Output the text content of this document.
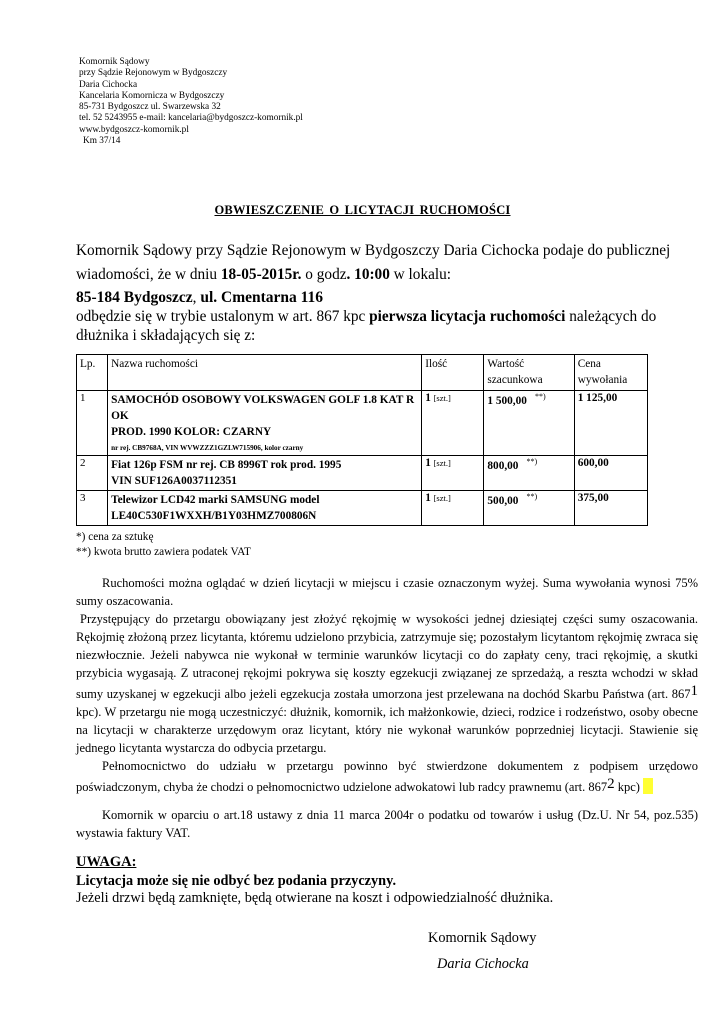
Komornik Sądowy
przy Sądzie Rejonowym w Bydgoszczy
Daria Cichocka
Kancelaria Komornicza w Bydgoszczy
85-731 Bydgoszcz ul. Swarzewska 32
tel. 52 5243955 e-mail: kancelaria@bydgoszcz-komornik.pl
www.bydgoszcz-komornik.pl
Km 37/14
OBWIESZCZENIE O LICYTACJI RUCHOMOŚCI
Komornik Sądowy przy Sądzie Rejonowym w Bydgoszczy Daria Cichocka podaje do publicznej wiadomości, że w dniu 18-05-2015r. o godz. 10:00 w lokalu:
85-184 Bydgoszcz, ul. Cmentarna 116
odbędzie się w trybie ustalonym w art. 867 kpc pierwsza licytacja ruchomości należących do dłużnika i składających się z:
Lp.	Nazwa ruchomości	Ilość	Wartość szacunkowa	Cena wywołania
1	SAMOCHÓD OSOBOWY VOLKSWAGEN GOLF 1.8 KAT R OK
PROD. 1990 KOLOR: CZARNY
nr rej. CB9768A, VIN WVWZZZ1GZLW715906, kolor czarny	1 [szt.]	1 500,00 **)	1 125,00
2	Fiat 126p FSM nr rej. CB 8996T rok prod. 1995
VIN SUF126A0037112351	1 [szt.]	800,00 **)	600,00
3	Telewizor LCD42 marki SAMSUNG model
LE40C530F1WXXH/B1Y03HMZ700806N	1 [szt.]	500,00 **)	375,00
*) cena za sztukę
**) kwota brutto zawiera podatek VAT
Ruchomości można oglądać w dzień licytacji w miejscu i czasie oznaczonym wyżej. Suma wywołania wynosi 75% sumy oszacowania.
Przystępujący do przetargu obowiązany jest złożyć rękojmię w wysokości jednej dziesiątej części sumy oszacowania. Rękojmię złożoną przez licytanta, któremu udzielono przybicia, zatrzymuje się; pozostałym licytantom rękojmię zwraca się niezwłocznie. Jeżeli nabywca nie wykonał w terminie warunków licytacji co do zapłaty ceny, traci rękojmię, a skutki przybicia wygasają. Z utraconej rękojmi pokrywa się koszty egzekucji związanej ze sprzedażą, a reszta wchodzi w skład sumy uzyskanej w egzekucji albo jeżeli egzekucja została umorzona jest przelewana na dochód Skarbu Państwa (art. 8671 kpc). W przetargu nie mogą uczestniczyć: dłużnik, komornik, ich małżonkowie, dzieci, rodzice i rodzeństwo, osoby obecne na licytacji w charakterze urzędowym oraz licytant, który nie wykonał warunków poprzedniej licytacji. Stawienie się jednego licytanta wystarcza do odbycia przetargu.
Pełnomocnictwo do udziału w przetargu powinno być stwierdzone dokumentem z podpisem urzędowo poświadczonym, chyba że chodzi o pełnomocnictwo udzielone adwokatowi lub radcy prawnemu (art. 8672 kpc)
Komornik w oparciu o art.18 ustawy z dnia 11 marca 2004r o podatku od towarów i usług (Dz.U. Nr 54, poz.535) wystawia faktury VAT.
UWAGA:
Licytacja może się nie odbyć bez podania przyczyny.
Jeżeli drzwi będą zamknięte, będą otwierane na koszt i odpowiedzialność dłużnika.
Komornik Sądowy
Daria Cichocka
